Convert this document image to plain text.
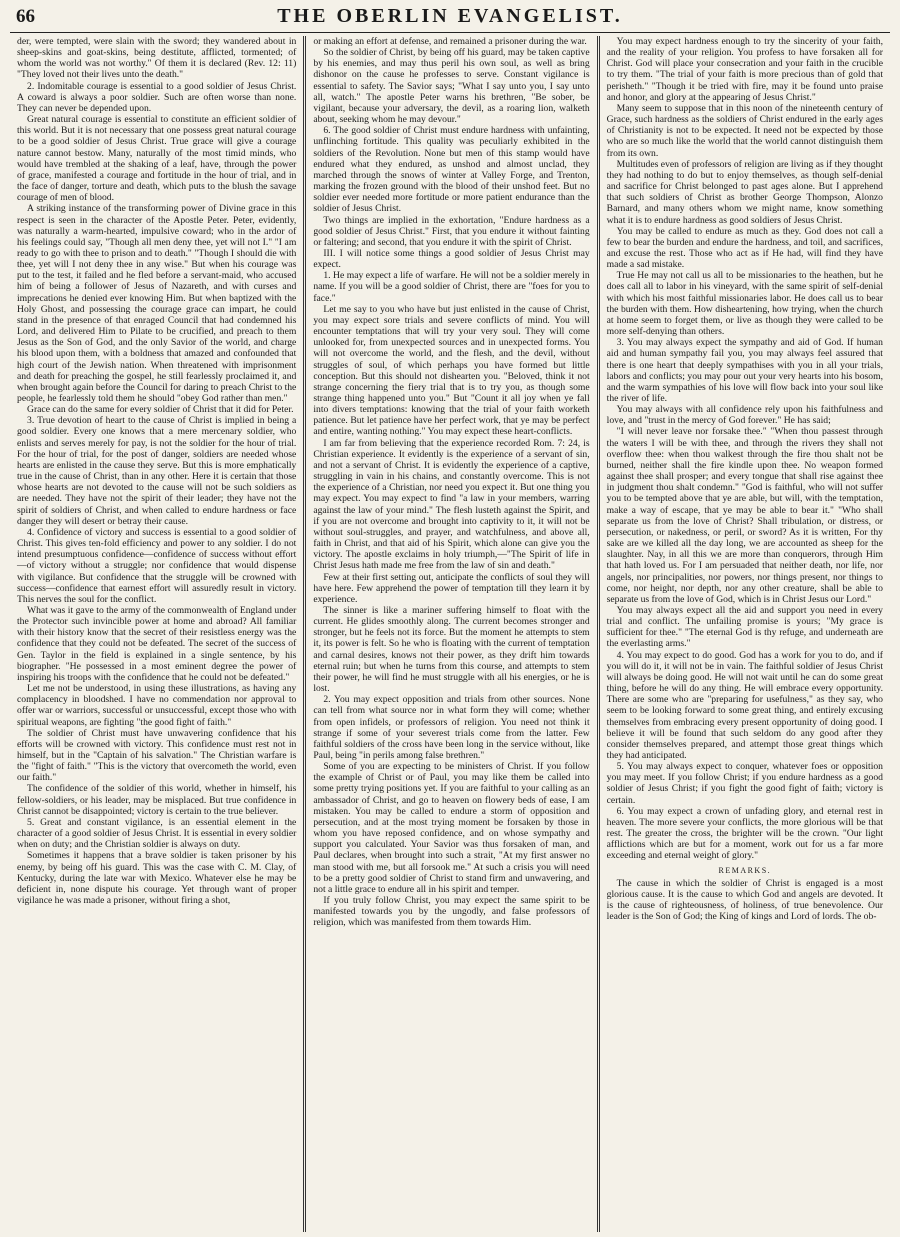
66	THE OBERLIN EVANGELIST.

der, were tempted, were slain with the sword; they wandered about in sheep-skins and goat-skins, being destitute, afflicted, tormented; of whom the world was not worthy." Of them it is declared (Rev. 12: 11) "They loved not their lives unto the death."

2. Indomitable courage is essential to a good soldier of Jesus Christ. A coward is always a poor soldier. Such are often worse than none. They can never be depended upon.

Great natural courage is essential to constitute an efficient soldier of this world. But it is not necessary that one possess great natural courage to be a good soldier of Jesus Christ. True grace will give a courage nature cannot bestow. Many, naturally of the most timid minds, who would have trembled at the shaking of a leaf, have, through the power of grace, manifested a courage and fortitude in the hour of trial, and in the face of danger, torture and death, which puts to the blush the savage courage of men of blood.

A striking instance of the transforming power of Divine grace in this respect is seen in the character of the Apostle Peter. Peter, evidently, was naturally a warm-hearted, impulsive coward; who in the ardor of his feelings could say, "Though all men deny thee, yet will not I." "I am ready to go with thee to prison and to death." "Though I should die with thee, yet will I not deny thee in any wise." But when his courage was put to the test, it failed and he fled before a servant-maid, who accused him of being a follower of Jesus of Nazareth, and with curses and imprecations he denied ever knowing Him. But when baptized with the Holy Ghost, and possessing the courage grace can impart, he could stand in the presence of that enraged Council that had condemned his Lord, and delivered Him to Pilate to be crucified, and preach to them Jesus as the Son of God, and the only Savior of the world, and charge his blood upon them, with a boldness that amazed and confounded that high court of the Jewish nation. When threatened with imprisonment and death for preaching the gospel, he still fearlessly proclaimed it, and when brought again before the Council for daring to preach Christ to the people, he fearlessly told them he should "obey God rather than men."

Grace can do the same for every soldier of Christ that it did for Peter.

3. True devotion of heart to the cause of Christ is implied in being a good soldier. Every one knows that a mere mercenary soldier, who enlists and serves merely for pay, is not the soldier for the hour of trial. For the hour of trial, for the post of danger, soldiers are needed whose hearts are enlisted in the cause they serve. But this is more emphatically true in the cause of Christ, than in any other. Here it is certain that those whose hearts are not devoted to the cause will not be such soldiers as are needed. They have not the spirit of their leader; they have not the spirit of soldiers of Christ, and when called to endure hardness or face danger they will desert or betray their cause.

4. Confidence of victory and success is essential to a good soldier of Christ. This gives ten-fold efficiency and power to any soldier. I do not intend presumptuous confidence—confidence of success without effort—of victory without a struggle; nor confidence that would dispense with vigilance. But confidence that the struggle will be crowned with success—confidence that earnest effort will assuredly result in victory. This nerves the soul for the conflict.

What was it gave to the army of the commonwealth of England under the Protector such invincible power at home and abroad? All familiar with their history know that the secret of their resistless energy was the confidence that they could not be defeated. The secret of the success of Gen. Taylor in the field is explained in a single sentence, by his biographer. "He possessed in a most eminent degree the power of inspiring his troops with the confidence that he could not be defeated."

Let me not be understood, in using these illustrations, as having any complacency in bloodshed. I have no commendation nor approval to offer war or warriors, successful or unsuccessful, except those who with spiritual weapons, are fighting "the good fight of faith."

The soldier of Christ must have unwavering confidence that his efforts will be crowned with victory. This confidence must rest not in himself, but in the "Captain of his salvation." The Christian warfare is the "fight of faith." "This is the victory that overcometh the world, even our faith."

The confidence of the soldier of this world, whether in himself, his fellow-soldiers, or his leader, may be misplaced. But true confidence in Christ cannot be disappointed; victory is certain to the true believer.

5. Great and constant vigilance, is an essential element in the character of a good soldier of Jesus Christ. It is essential in every soldier when on duty; and the Christian soldier is always on duty.

Sometimes it happens that a brave soldier is taken prisoner by his enemy, by being off his guard. This was the case with C. M. Clay, of Kentucky, during the late war with Mexico. Whatever else he may be deficient in, none dispute his courage. Yet through want of proper vigilance he was made a prisoner, without firing a shot,

or making an effort at defense, and remained a prisoner during the war.

So the soldier of Christ, by being off his guard, may be taken captive by his enemies, and may thus peril his own soul, as well as bring dishonor on the cause he professes to serve. Constant vigilance is essential to safety. The Savior says; "What I say unto you, I say unto all, watch." The apostle Peter warns his brethren, "Be sober, be vigilant, because your adversary, the devil, as a roaring lion, walketh about, seeking whom he may devour."

6. The good soldier of Christ must endure hardness with unfainting, unflinching fortitude. This quality was peculiarly exhibited in the soldiers of the Revolution. None but men of this stamp would have endured what they endured, as unshod and almost unclad, they marched through the snows of winter at Valley Forge, and Trenton, marking the frozen ground with the blood of their unshod feet. But no soldier ever needed more fortitude or more patient endurance than the soldier of Jesus Christ.

Two things are implied in the exhortation, "Endure hardness as a good soldier of Jesus Christ." First, that you endure it without fainting or faltering; and second, that you endure it with the spirit of Christ.

III. I will notice some things a good soldier of Jesus Christ may expect.

1. He may expect a life of warfare. He will not be a soldier merely in name. If you will be a good soldier of Christ, there are "foes for you to face."

Let me say to you who have but just enlisted in the cause of Christ, you may expect sore trials and severe conflicts of mind. You will encounter temptations that will try your very soul. They will come unlooked for, from unexpected sources and in unexpected forms. You will not overcome the world, and the flesh, and the devil, without struggles of soul, of which perhaps you have formed but little conception. But this should not dishearten you. "Beloved, think it not strange concerning the fiery trial that is to try you, as though some strange thing happened unto you." But "Count it all joy when ye fall into divers temptations: knowing that the trial of your faith worketh patience. But let patience have her perfect work, that ye may be perfect and entire, wanting nothing." You may expect these heart-conflicts.

I am far from believing that the experience recorded Rom. 7: 24, is Christian experience. It evidently is the experience of a servant of sin, and not a servant of Christ. It is evidently the experience of a captive, struggling in vain in his chains, and constantly overcome. This is not the experience of a Christian, nor need you expect it. But one thing you may expect. You may expect to find "a law in your members, warring against the law of your mind." The flesh lusteth against the Spirit, and if you are not overcome and brought into captivity to it, it will not be without soul-struggles, and prayer, and watchfulness, and above all, faith in Christ, and that aid of his Spirit, which alone can give you the victory. The apostle exclaims in holy triumph,—"The Spirit of life in Christ Jesus hath made me free from the law of sin and death."

Few at their first setting out, anticipate the conflicts of soul they will have here. Few apprehend the power of temptation till they learn it by experience.

The sinner is like a mariner suffering himself to float with the current. He glides smoothly along. The current becomes stronger and stronger, but he feels not its force. But the moment he attempts to stem it, its power is felt. So he who is floating with the current of temptation and carnal desires, knows not their power, as they drift him towards eternal ruin; but when he turns from this course, and attempts to stem their power, he will find he must struggle with all his energies, or he is lost.

2. You may expect opposition and trials from other sources. None can tell from what source nor in what form they will come; whether from open infidels, or professors of religion. You need not think it strange if some of your severest trials come from the latter. Few faithful soldiers of the cross have been long in the service without, like Paul, being "in perils among false brethren."

Some of you are expecting to be ministers of Christ. If you follow the example of Christ or of Paul, you may like them be called into some pretty trying positions yet. If you are faithful to your calling as an ambassador of Christ, and go to heaven on flowery beds of ease, I am mistaken. You may be called to endure a storm of opposition and persecution, and at the most trying moment be forsaken by those in whom you have reposed confidence, and on whose sympathy and support you calculated. Your Savior was thus forsaken of man, and Paul declares, when brought into such a strait, "At my first answer no man stood with me, but all forsook me." At such a crisis you will need to be a pretty good soldier of Christ to stand firm and unwavering, and not a little grace to endure all in his spirit and temper.

If you truly follow Christ, you may expect the same spirit to be manifested towards you by the ungodly, and false professors of religion, which was manifested from them towards Him.

You may expect hardness enough to try the sincerity of your faith, and the reality of your religion. You profess to have forsaken all for Christ. God will place your consecration and your faith in the crucible to try them. "The trial of your faith is more precious than of gold that perisheth." "Though it be tried with fire, may it be found unto praise and honor, and glory at the appearing of Jesus Christ."

Many seem to suppose that in this noon of the nineteenth century of Grace, such hardness as the soldiers of Christ endured in the early ages of Christianity is not to be expected. It need not be expected by those who are so much like the world that the world cannot distinguish them from its own.

Multitudes even of professors of religion are living as if they thought they had nothing to do but to enjoy themselves, as though self-denial and sacrifice for Christ belonged to past ages alone. But I apprehend that such soldiers of Christ as brother George Thompson, Alonzo Barnard, and many others whom we might name, know something what it is to endure hardness as good soldiers of Jesus Christ.

You may be called to endure as much as they. God does not call a few to bear the burden and endure the hardness, and toil, and sacrifices, and excuse the rest. Those who act as if He had, will find they have made a sad mistake.

True He may not call us all to be missionaries to the heathen, but he does call all to labor in his vineyard, with the same spirit of self-denial with which his most faithful missionaries labor. He does call us to bear the burden with them. How disheartening, how trying, when the church at home seem to forget them, or live as though they were called to be more self-denying than others.

3. You may always expect the sympathy and aid of God. If human aid and human sympathy fail you, you may always feel assured that there is one heart that deeply sympathises with you in all your trials, labors and conflicts; you may pour out your very hearts into his bosom, and the warm sympathies of his love will flow back into your soul like the river of life.

You may always with all confidence rely upon his faithfulness and love, and "trust in the mercy of God forever." He has said;

"I will never leave nor forsake thee." "When thou passest through the waters I will be with thee, and through the rivers they shall not overflow thee: when thou walkest through the fire thou shalt not be burned, neither shall the fire kindle upon thee. No weapon formed against thee shall prosper; and every tongue that shall rise against thee in judgment thou shalt condemn." "God is faithful, who will not suffer you to be tempted above that ye are able, but will, with the temptation, make a way of escape, that ye may be able to bear it." "Who shall separate us from the love of Christ? Shall tribulation, or distress, or persecution, or nakedness, or peril, or sword? As it is written, For thy sake are we killed all the day long, we are accounted as sheep for the slaughter. Nay, in all this we are more than conquerors, through Him that hath loved us. For I am persuaded that neither death, nor life, nor angels, nor principalities, nor powers, nor things present, nor things to come, nor height, nor depth, nor any other creature, shall be able to separate us from the love of God, which is in Christ Jesus our Lord."

You may always expect all the aid and support you need in every trial and conflict. The unfailing promise is yours; "My grace is sufficient for thee." "The eternal God is thy refuge, and underneath are the everlasting arms."

4. You may expect to do good. God has a work for you to do, and if you will do it, it will not be in vain. The faithful soldier of Jesus Christ will always be doing good. He will not wait until he can do some great thing, before he will do any thing. He will embrace every opportunity. There are some who are "preparing for usefulness," as they say, who seem to be looking forward to some great thing, and entirely excusing themselves from embracing every present opportunity of doing good. I believe it will be found that such seldom do any good after they consider themselves prepared, and attempt those great things which they had anticipated.

5. You may always expect to conquer, whatever foes or opposition you may meet. If you follow Christ; if you endure hardness as a good soldier of Jesus Christ; if you fight the good fight of faith; victory is certain.

6. You may expect a crown of unfading glory, and eternal rest in heaven. The more severe your conflicts, the more glorious will be that rest. The greater the cross, the brighter will be the crown. "Our light afflictions which are but for a moment, work out for us a far more exceeding and eternal weight of glory."

REMARKS.

The cause in which the soldier of Christ is engaged is a most glorious cause. It is the cause to which God and angels are devoted. It is the cause of righteousness, of holiness, of true benevolence. Our leader is the Son of God; the King of kings and Lord of lords. The ob-
